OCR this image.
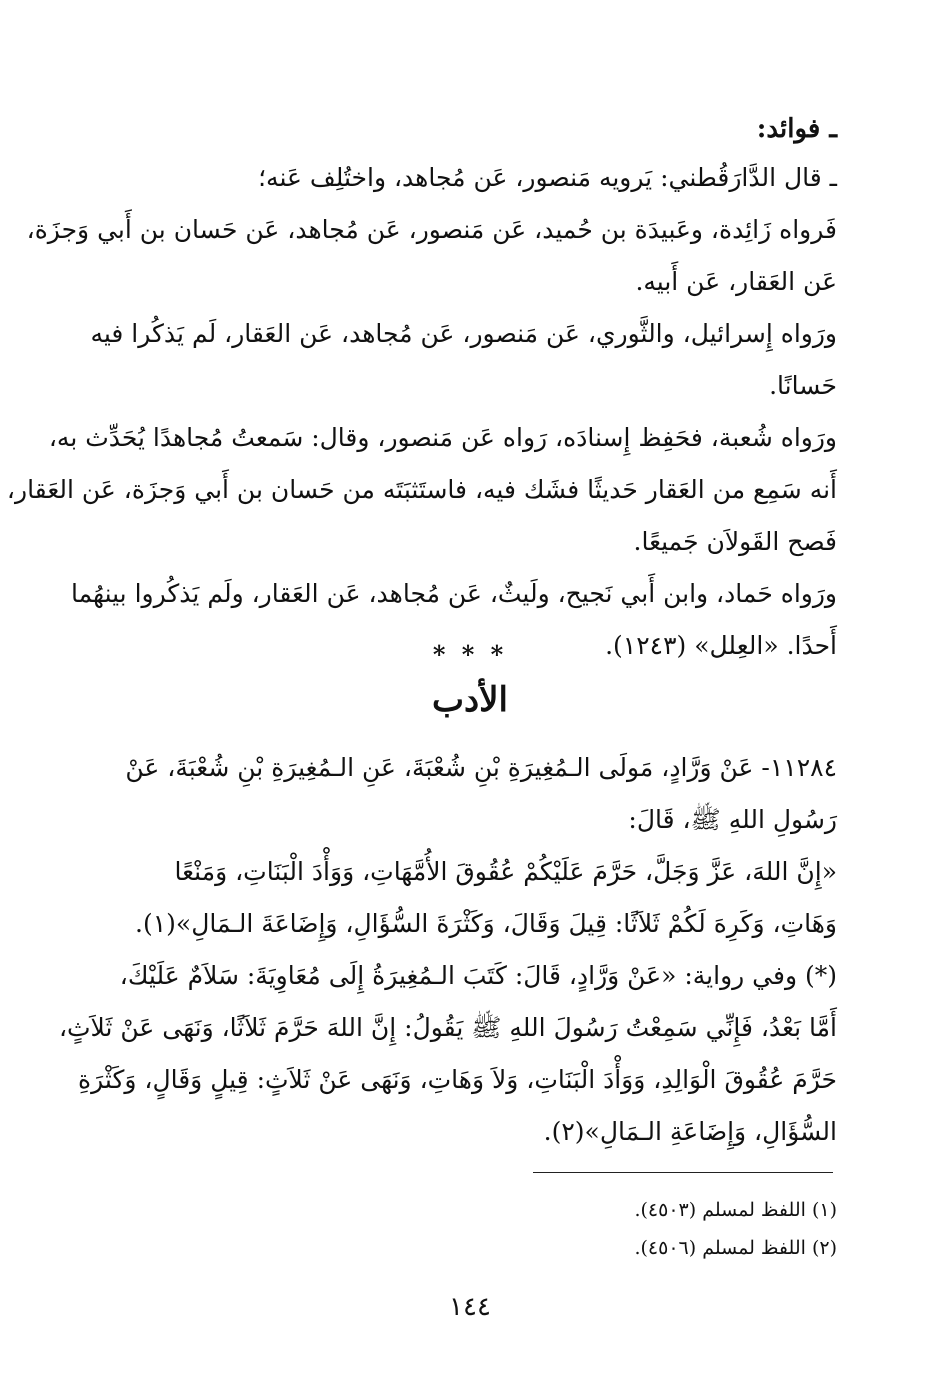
ـ فوائد:
ـ قال الدَّارَقُطني: يَرويه مَنصور، عَن مُجاهد، واختُلِف عَنه؛
فَرواه زَائِدة، وعَبيدَة بن حُميد، عَن مَنصور، عَن مُجاهد، عَن حَسان بن أَبي وَجزَة،
عَن العَقار، عَن أَبيه.
ورَواه إِسرائيل، والثَّوري، عَن مَنصور، عَن مُجاهد، عَن العَقار، لَم يَذكُرا فيه
حَسانًا.
ورَواه شُعبة، فحَفِظ إِسنادَه، رَواه عَن مَنصور، وقال: سَمعتُ مُجاهدًا يُحَدِّث به،
أَنه سَمِع من العَقار حَديثًا فشَك فيه، فاستَثبَتَه من حَسان بن أَبي وَجزَة، عَن العَقار،
فَصح القَولاَن جَميعًا.
ورَواه حَماد، وابن أَبي نَجيح، ولَيثٌ، عَن مُجاهد، عَن العَقار، ولَم يَذكُروا بينهُما
أَحدًا. «العِلل» (١٢٤٣).
* * *
الأدب
١١٢٨٤- عَنْ وَرَّادٍ، مَولَى الـمُغِيرَةِ بْنِ شُعْبَةَ، عَنِ الـمُغِيرَةِ بْنِ شُعْبَةَ، عَنْ
رَسُولِ اللهِ ﷺ، قَالَ:
«إِنَّ اللهَ، عَزَّ وَجَلَّ، حَرَّمَ عَلَيْكُمْ عُقُوقَ الأُمَّهَاتِ، وَوَأْدَ الْبَنَاتِ، وَمَنْعًا
وَهَاتِ، وَكَرِهَ لَكُمْ ثَلاَثًا: قِيلَ وَقَالَ، وَكَثْرَةَ السُّؤَالِ، وَإِضَاعَةَ الـمَالِ»(١).
(*) وفي رواية: «عَنْ وَرَّادٍ، قَالَ: كَتَبَ الـمُغِيرَةُ إِلَى مُعَاوِيَةَ: سَلاَمٌ عَلَيْكَ،
أَمَّا بَعْدُ، فَإِنِّي سَمِعْتُ رَسُولَ اللهِ ﷺ يَقُولُ: إِنَّ اللهَ حَرَّمَ ثَلاَثًا، وَنَهَى عَنْ ثَلاَثٍ،
حَرَّمَ عُقُوقَ الْوَالِدِ، وَوَأْدَ الْبَنَاتِ، وَلاَ وَهَاتِ، وَنَهَى عَنْ ثَلاَثٍ: قِيلٍ وَقَالٍ، وَكَثْرَةِ
السُّؤَالِ، وَإِضَاعَةِ الـمَالِ»(٢).
(١) اللفظ لمسلم (٤٥٠٣).
(٢) اللفظ لمسلم (٤٥٠٦).
١٤٤
